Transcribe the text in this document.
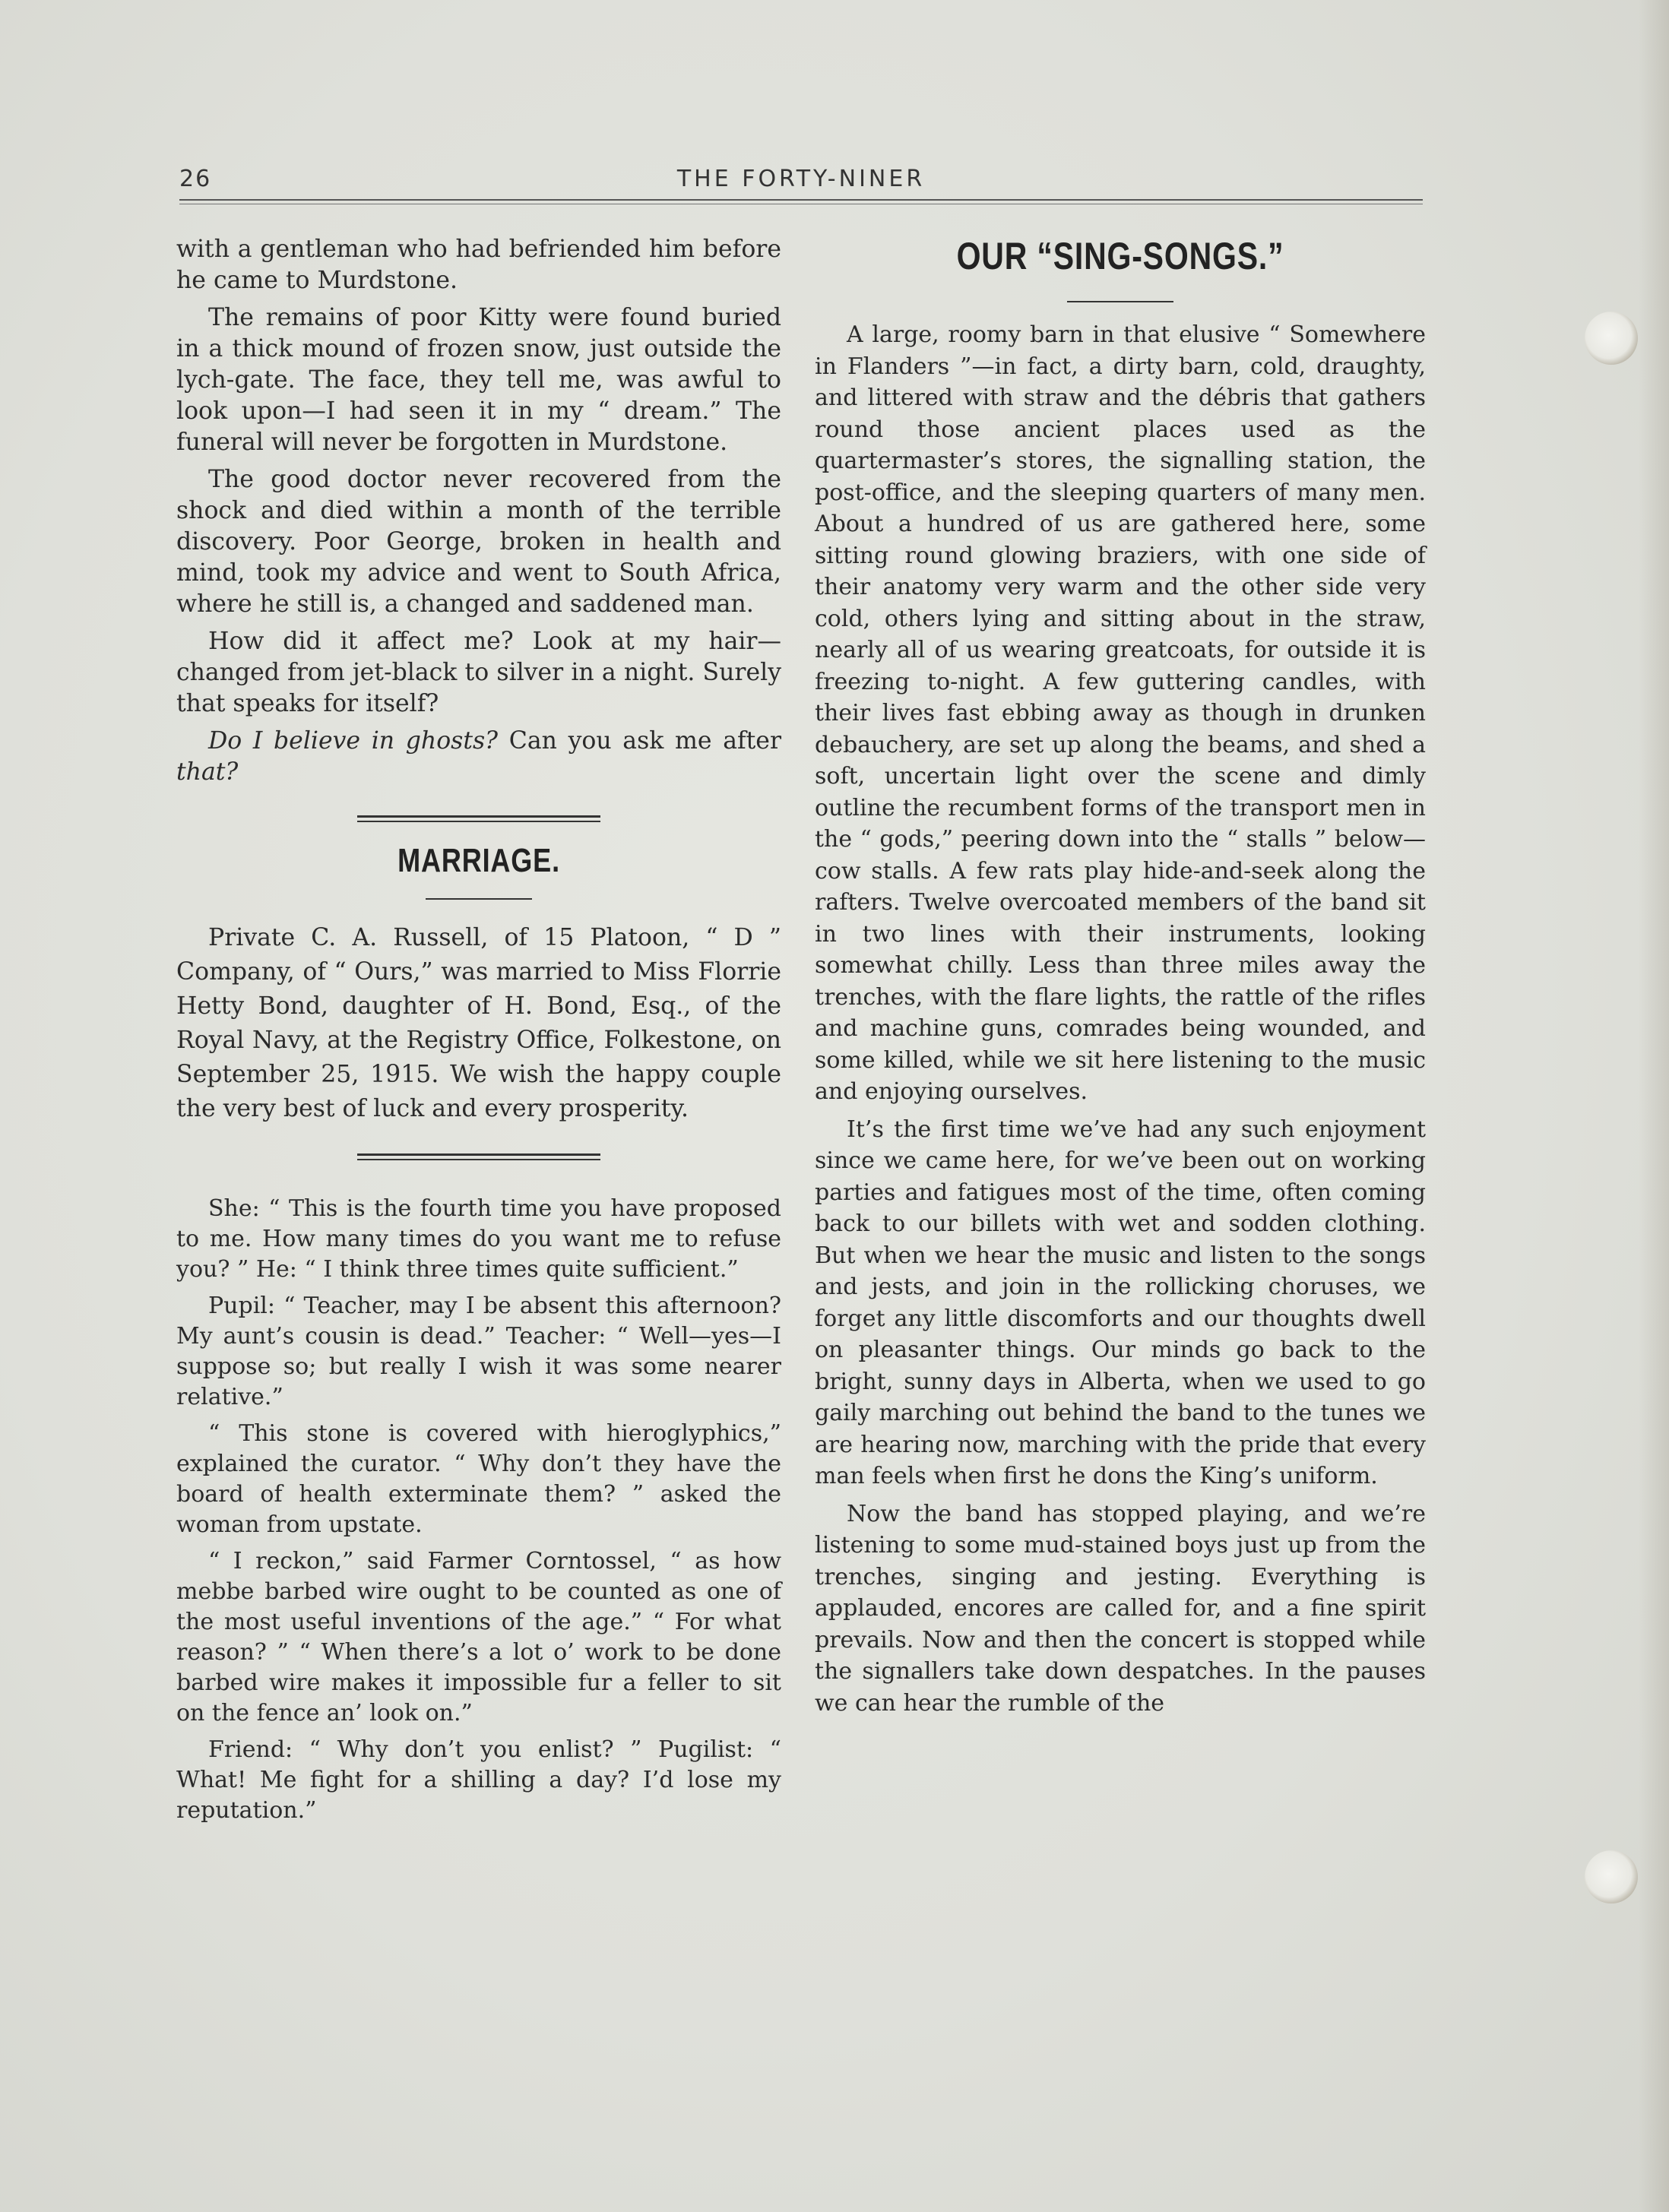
26	THE FORTY-NINER

with a gentleman who had befriended him before he came to Murdstone.

The remains of poor Kitty were found buried in a thick mound of frozen snow, just outside the lych-gate. The face, they tell me, was awful to look upon—I had seen it in my “ dream.” The funeral will never be forgotten in Murdstone.

The good doctor never recovered from the shock and died within a month of the terrible discovery. Poor George, broken in health and mind, took my advice and went to South Africa, where he still is, a changed and saddened man.

How did it affect me? Look at my hair—changed from jet-black to silver in a night. Surely that speaks for itself?

Do I believe in ghosts? Can you ask me after that?

MARRIAGE.

Private C. A. Russell, of 15 Platoon, “ D ” Company, of “ Ours,” was married to Miss Florrie Hetty Bond, daughter of H. Bond, Esq., of the Royal Navy, at the Registry Office, Folkestone, on September 25, 1915. We wish the happy couple the very best of luck and every prosperity.

She: “ This is the fourth time you have proposed to me. How many times do you want me to refuse you? ” He: “ I think three times quite sufficient.”

Pupil: “ Teacher, may I be absent this afternoon? My aunt’s cousin is dead.” Teacher: “ Well—yes—I suppose so; but really I wish it was some nearer relative.”

“ This stone is covered with hieroglyphics,” explained the curator. “ Why don’t they have the board of health exterminate them? ” asked the woman from upstate.

“ I reckon,” said Farmer Corntossel, “ as how mebbe barbed wire ought to be counted as one of the most useful inventions of the age.” “ For what reason? ” “ When there’s a lot o’ work to be done barbed wire makes it impossible fur a feller to sit on the fence an’ look on.”

Friend: “ Why don’t you enlist? ” Pugilist: “ What! Me fight for a shilling a day? I’d lose my reputation.”

OUR “SING-SONGS.”

A large, roomy barn in that elusive “ Somewhere in Flanders ”—in fact, a dirty barn, cold, draughty, and littered with straw and the débris that gathers round those ancient places used as the quartermaster’s stores, the signalling station, the post-office, and the sleeping quarters of many men. About a hundred of us are gathered here, some sitting round glowing braziers, with one side of their anatomy very warm and the other side very cold, others lying and sitting about in the straw, nearly all of us wearing greatcoats, for outside it is freezing to-night. A few guttering candles, with their lives fast ebbing away as though in drunken debauchery, are set up along the beams, and shed a soft, uncertain light over the scene and dimly outline the recumbent forms of the transport men in the “ gods,” peering down into the “ stalls ” below—cow stalls. A few rats play hide-and-seek along the rafters. Twelve overcoated members of the band sit in two lines with their instruments, looking somewhat chilly. Less than three miles away the trenches, with the flare lights, the rattle of the rifles and machine guns, comrades being wounded, and some killed, while we sit here listening to the music and enjoying ourselves.

It’s the first time we’ve had any such enjoyment since we came here, for we’ve been out on working parties and fatigues most of the time, often coming back to our billets with wet and sodden clothing. But when we hear the music and listen to the songs and jests, and join in the rollicking choruses, we forget any little discomforts and our thoughts dwell on pleasanter things. Our minds go back to the bright, sunny days in Alberta, when we used to go gaily marching out behind the band to the tunes we are hearing now, marching with the pride that every man feels when first he dons the King’s uniform.

Now the band has stopped playing, and we’re listening to some mud-stained boys just up from the trenches, singing and jesting. Everything is applauded, encores are called for, and a fine spirit prevails. Now and then the concert is stopped while the signallers take down despatches. In the pauses we can hear the rumble of the
